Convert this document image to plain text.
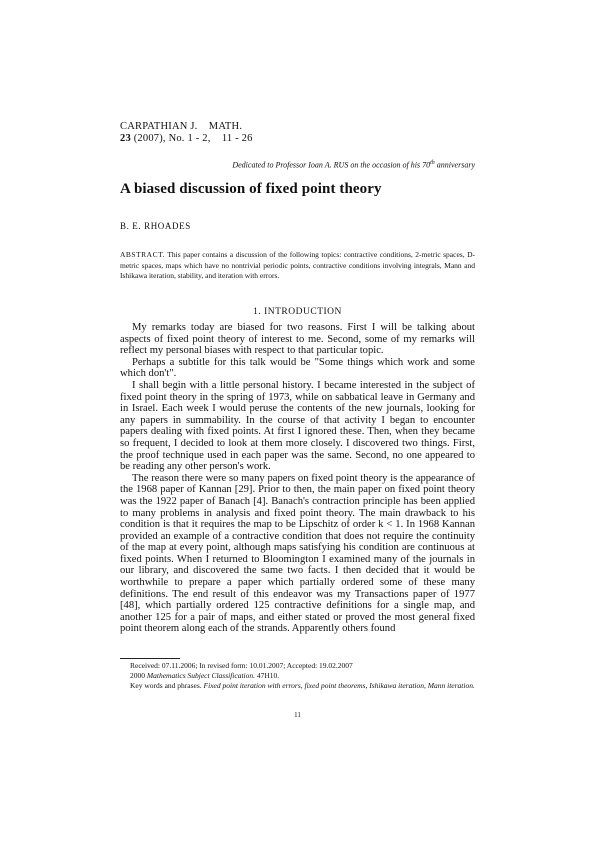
CARPATHIAN J.    MATH.
23 (2007), No. 1 - 2,    11 - 26
Dedicated to Professor Ioan A. RUS on the occasion of his 70th anniversary
A biased discussion of fixed point theory
B. E. RHOADES
ABSTRACT. This paper contains a discussion of the following topics: contractive conditions, 2-metric spaces, D-metric spaces, maps which have no nontrivial periodic points, contractive conditions involving integrals, Mann and Ishikawa iteration, stability, and iteration with errors.
1. INTRODUCTION

My remarks today are biased for two reasons. First I will be talking about aspects of fixed point theory of interest to me. Second, some of my remarks will reflect my personal biases with respect to that particular topic.

Perhaps a subtitle for this talk would be "Some things which work and some which don't".

I shall begin with a little personal history. I became interested in the subject of fixed point theory in the spring of 1973, while on sabbatical leave in Germany and in Israel. Each week I would peruse the contents of the new journals, looking for any papers in summability. In the course of that activity I began to encounter papers dealing with fixed points. At first I ignored these. Then, when they became so frequent, I decided to look at them more closely. I discovered two things. First, the proof technique used in each paper was the same. Second, no one appeared to be reading any other person's work.

The reason there were so many papers on fixed point theory is the appearance of the 1968 paper of Kannan [29]. Prior to then, the main paper on fixed point theory was the 1922 paper of Banach [4]. Banach's contraction principle has been applied to many problems in analysis and fixed point theory. The main drawback to his condition is that it requires the map to be Lipschitz of order k < 1. In 1968 Kannan provided an example of a contractive condition that does not require the continuity of the map at every point, although maps satisfying his condition are continuous at fixed points. When I returned to Bloomington I examined many of the journals in our library, and discovered the same two facts. I then decided that it would be worthwhile to prepare a paper which partially ordered some of these many definitions. The end result of this endeavor was my Transactions paper of 1977 [48], which partially ordered 125 contractive definitions for a single map, and another 125 for a pair of maps, and either stated or proved the most general fixed point theorem along each of the strands. Apparently others found

Received: 07.11.2006; In revised form: 10.01.2007; Accepted: 19.02.2007

2000 Mathematics Subject Classification. 47H10.

Key words and phrases. Fixed point iteration with errors, fixed point theorems, Ishikawa iteration, Mann iteration.

11
